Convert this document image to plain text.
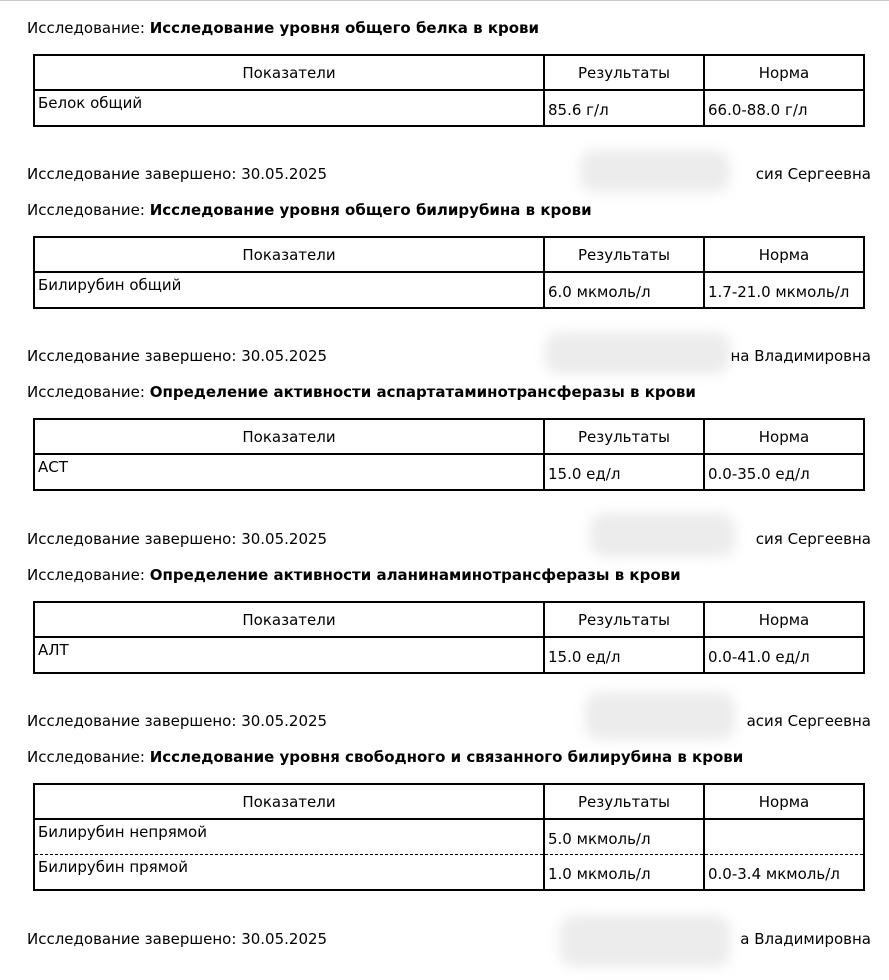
Исследование: Исследование уровня общего белка в крови
Показатели	Результаты	Норма
Белок общий	85.6 г/л	66.0-88.0 г/л
Исследование завершено: 30.05.2025	сия Сергеевна
Исследование: Исследование уровня общего билирубина в крови
Показатели	Результаты	Норма
Билирубин общий	6.0 мкмоль/л	1.7-21.0 мкмоль/л
Исследование завершено: 30.05.2025	на Владимировна
Исследование: Определение активности аспартатаминотрансферазы в крови
Показатели	Результаты	Норма
АСТ	15.0 ед/л	0.0-35.0 ед/л
Исследование завершено: 30.05.2025	сия Сергеевна
Исследование: Определение активности аланинаминотрансферазы в крови
Показатели	Результаты	Норма
АЛТ	15.0 ед/л	0.0-41.0 ед/л
Исследование завершено: 30.05.2025	асия Сергеевна
Исследование: Исследование уровня свободного и связанного билирубина в крови
Показатели	Результаты	Норма
Билирубин непрямой	5.0 мкмоль/л	
Билирубин прямой	1.0 мкмоль/л	0.0-3.4 мкмоль/л
Исследование завершено: 30.05.2025	а Владимировна
